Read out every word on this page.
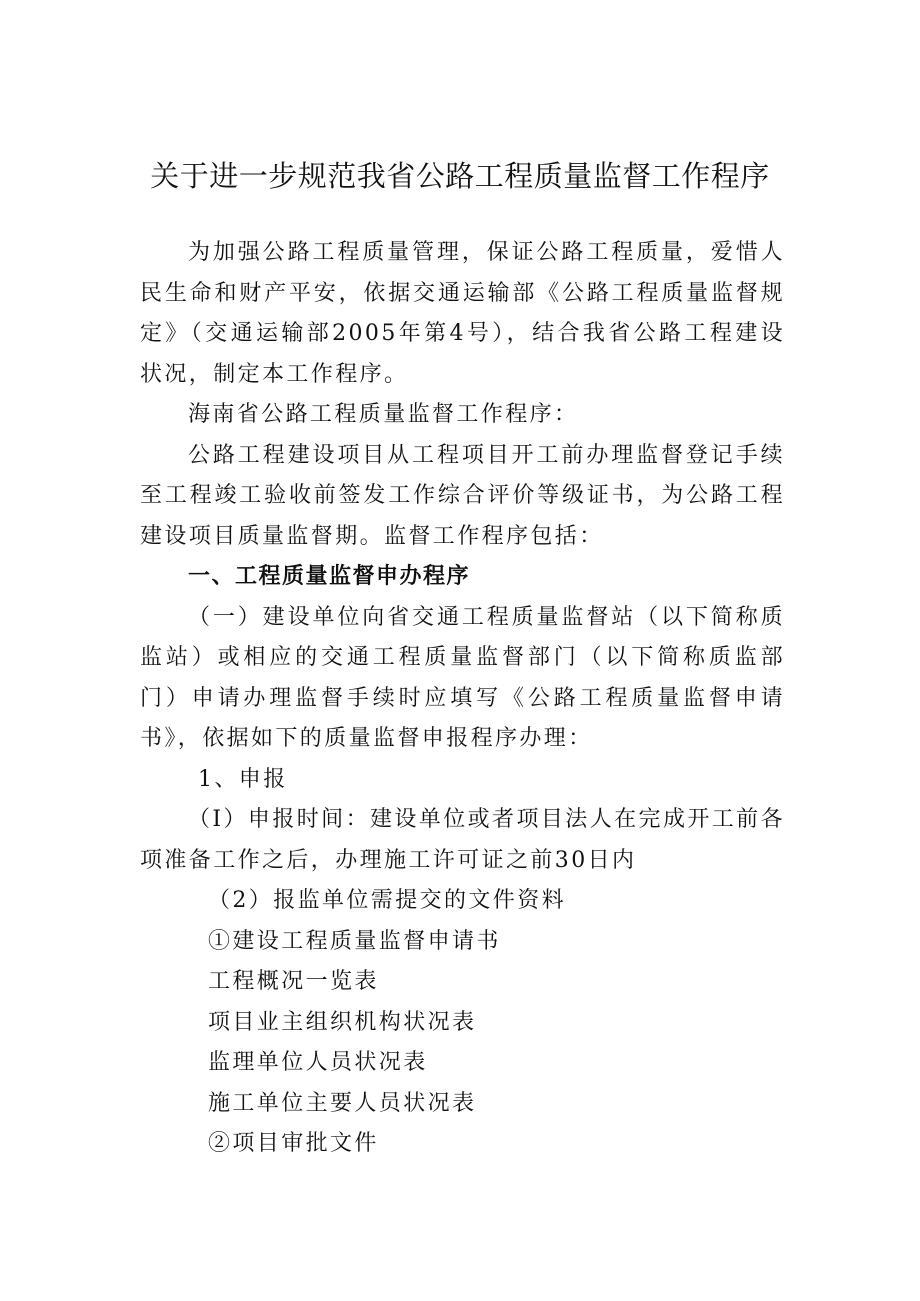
关于进一步规范我省公路工程质量监督工作程序

为加强公路工程质量管理，保证公路工程质量，爱惜人民生命和财产平安，依据交通运输部《公路工程质量监督规定》（交通运输部2005年第4号），结合我省公路工程建设状况，制定本工作程序。

海南省公路工程质量监督工作程序：

公路工程建设项目从工程项目开工前办理监督登记手续至工程竣工验收前签发工作综合评价等级证书，为公路工程建设项目质量监督期。监督工作程序包括：

一、工程质量监督申办程序

（一）建设单位向省交通工程质量监督站（以下简称质监站）或相应的交通工程质量监督部门（以下简称质监部门）申请办理监督手续时应填写《公路工程质量监督申请书》，依据如下的质量监督申报程序办理：

1、申报

（I）申报时间：建设单位或者项目法人在完成开工前各项准备工作之后，办理施工许可证之前30日内

（2）报监单位需提交的文件资料

①建设工程质量监督申请书

工程概况一览表

项目业主组织机构状况表

监理单位人员状况表

施工单位主要人员状况表

②项目审批文件
